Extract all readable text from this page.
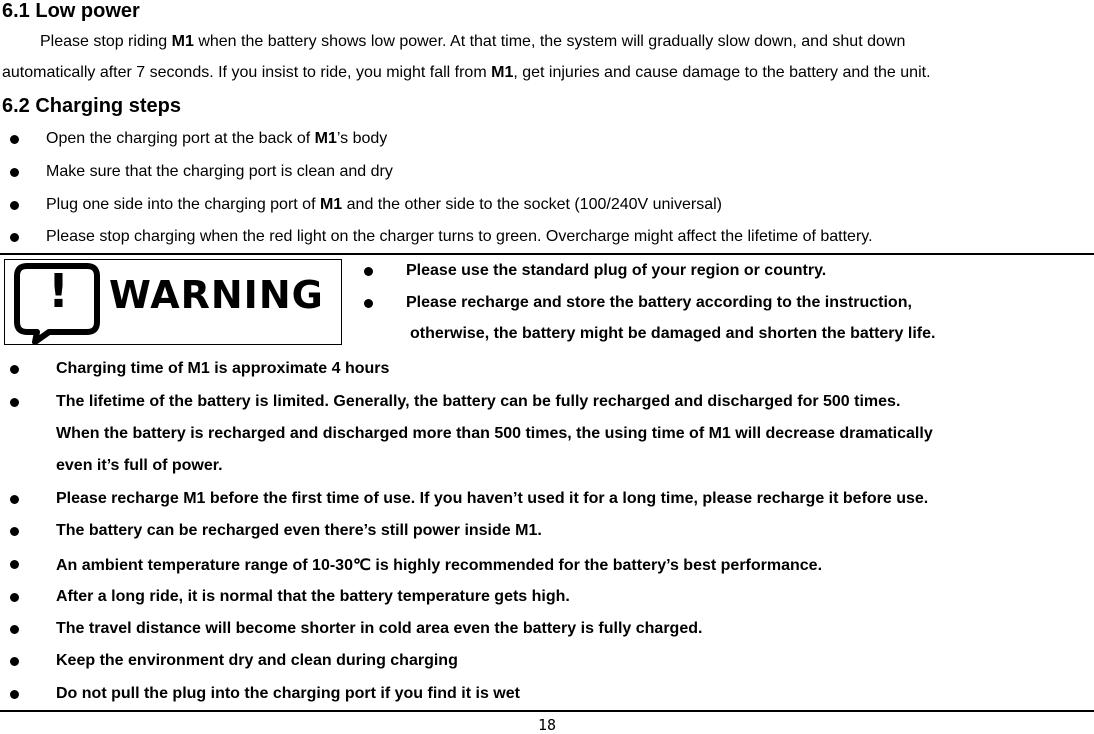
6.1 Low power

Please stop riding M1 when the battery shows low power. At that time, the system will gradually slow down, and shut down

automatically after 7 seconds. If you insist to ride, you might fall from M1, get injuries and cause damage to the battery and the unit.

6.2 Charging steps

Open the charging port at the back of M1’s body

Make sure that the charging port is clean and dry

Plug one side into the charging port of M1 and the other side to the socket (100/240V universal)

Please stop charging when the red light on the charger turns to green. Overcharge might affect the lifetime of battery.

! WARNING
Please use the standard plug of your region or country.
Please recharge and store the battery according to the instruction,
otherwise, the battery might be damaged and shorten the battery life.
Charging time of M1 is approximate 4 hours
The lifetime of the battery is limited. Generally, the battery can be fully recharged and discharged for 500 times.
When the battery is recharged and discharged more than 500 times, the using time of M1 will decrease dramatically
even it’s full of power.
Please recharge M1 before the first time of use. If you haven’t used it for a long time, please recharge it before use.
The battery can be recharged even there’s still power inside M1.
An ambient temperature range of 10-30℃ is highly recommended for the battery’s best performance.
After a long ride, it is normal that the battery temperature gets high.
The travel distance will become shorter in cold area even the battery is fully charged.
Keep the environment dry and clean during charging
Do not pull the plug into the charging port if you find it is wet
18
